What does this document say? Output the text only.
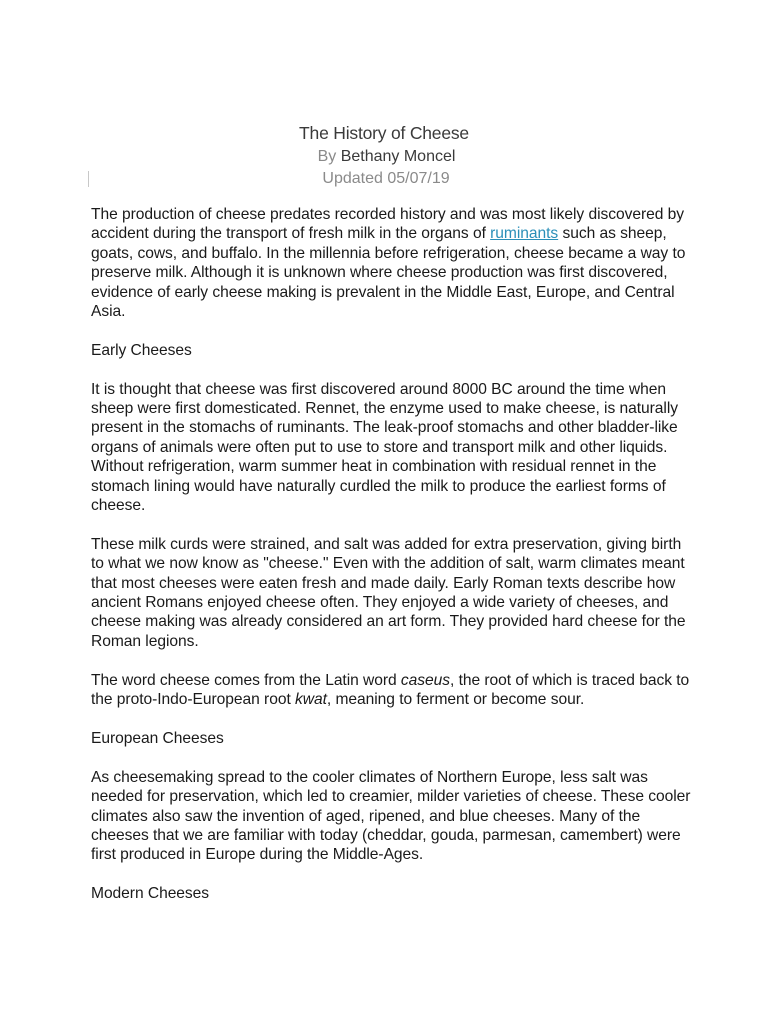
The History of Cheese
By Bethany Moncel
Updated 05/07/19

The production of cheese predates recorded history and was most likely discovered by accident during the transport of fresh milk in the organs of ruminants such as sheep, goats, cows, and buffalo. In the millennia before refrigeration, cheese became a way to preserve milk. Although it is unknown where cheese production was first discovered, evidence of early cheese making is prevalent in the Middle East, Europe, and Central Asia.

Early Cheeses

It is thought that cheese was first discovered around 8000 BC around the time when sheep were first domesticated. Rennet, the enzyme used to make cheese, is naturally present in the stomachs of ruminants. The leak-proof stomachs and other bladder-like organs of animals were often put to use to store and transport milk and other liquids. Without refrigeration, warm summer heat in combination with residual rennet in the stomach lining would have naturally curdled the milk to produce the earliest forms of cheese.

These milk curds were strained, and salt was added for extra preservation, giving birth to what we now know as "cheese." Even with the addition of salt, warm climates meant that most cheeses were eaten fresh and made daily. Early Roman texts describe how ancient Romans enjoyed cheese often. They enjoyed a wide variety of cheeses, and cheese making was already considered an art form. They provided hard cheese for the Roman legions.

The word cheese comes from the Latin word caseus, the root of which is traced back to the proto-Indo-European root kwat, meaning to ferment or become sour.

European Cheeses

As cheesemaking spread to the cooler climates of Northern Europe, less salt was needed for preservation, which led to creamier, milder varieties of cheese. These cooler climates also saw the invention of aged, ripened, and blue cheeses. Many of the cheeses that we are familiar with today (cheddar, gouda, parmesan, camembert) were first produced in Europe during the Middle-Ages.

Modern Cheeses
